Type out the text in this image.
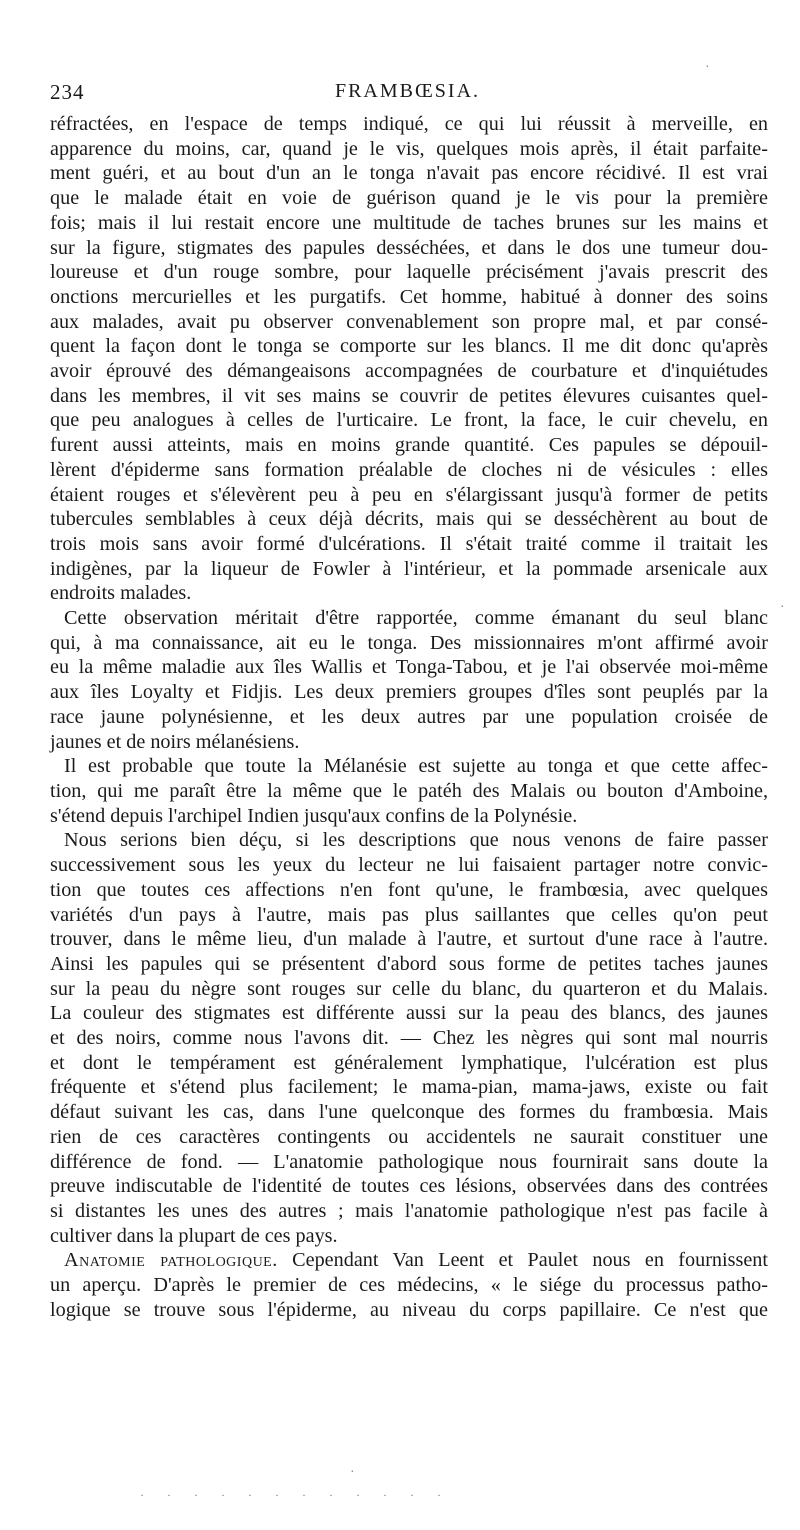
234	FRAMBŒSIA.

réfractées, en l'espace de temps indiqué, ce qui lui réussit à merveille, en
apparence du moins, car, quand je le vis, quelques mois après, il était parfaite-
ment guéri, et au bout d'un an le tonga n'avait pas encore récidivé. Il est vrai
que le malade était en voie de guérison quand je le vis pour la première
fois; mais il lui restait encore une multitude de taches brunes sur les mains et
sur la figure, stigmates des papules desséchées, et dans le dos une tumeur dou-
loureuse et d'un rouge sombre, pour laquelle précisément j'avais prescrit des
onctions mercurielles et les purgatifs. Cet homme, habitué à donner des soins
aux malades, avait pu observer convenablement son propre mal, et par consé-
quent la façon dont le tonga se comporte sur les blancs. Il me dit donc qu'après
avoir éprouvé des démangeaisons accompagnées de courbature et d'inquiétudes
dans les membres, il vit ses mains se couvrir de petites élevures cuisantes quel-
que peu analogues à celles de l'urticaire. Le front, la face, le cuir chevelu, en
furent aussi atteints, mais en moins grande quantité. Ces papules se dépouil-
lèrent d'épiderme sans formation préalable de cloches ni de vésicules : elles
étaient rouges et s'élevèrent peu à peu en s'élargissant jusqu'à former de petits
tubercules semblables à ceux déjà décrits, mais qui se desséchèrent au bout de
trois mois sans avoir formé d'ulcérations. Il s'était traité comme il traitait les
indigènes, par la liqueur de Fowler à l'intérieur, et la pommade arsenicale aux
endroits malades.

Cette observation méritait d'être rapportée, comme émanant du seul blanc
qui, à ma connaissance, ait eu le tonga. Des missionnaires m'ont affirmé avoir
eu la même maladie aux îles Wallis et Tonga-Tabou, et je l'ai observée moi-même
aux îles Loyalty et Fidjis. Les deux premiers groupes d'îles sont peuplés par la
race jaune polynésienne, et les deux autres par une population croisée de
jaunes et de noirs mélanésiens.

Il est probable que toute la Mélanésie est sujette au tonga et que cette affec-
tion, qui me paraît être la même que le patéh des Malais ou bouton d'Amboine,
s'étend depuis l'archipel Indien jusqu'aux confins de la Polynésie.

Nous serions bien déçu, si les descriptions que nous venons de faire passer
successivement sous les yeux du lecteur ne lui faisaient partager notre convic-
tion que toutes ces affections n'en font qu'une, le frambœsia, avec quelques
variétés d'un pays à l'autre, mais pas plus saillantes que celles qu'on peut
trouver, dans le même lieu, d'un malade à l'autre, et surtout d'une race à l'autre.
Ainsi les papules qui se présentent d'abord sous forme de petites taches jaunes
sur la peau du nègre sont rouges sur celle du blanc, du quarteron et du Malais.
La couleur des stigmates est différente aussi sur la peau des blancs, des jaunes
et des noirs, comme nous l'avons dit. — Chez les nègres qui sont mal nourris
et dont le tempérament est généralement lymphatique, l'ulcération est plus
fréquente et s'étend plus facilement; le mama-pian, mama-jaws, existe ou fait
défaut suivant les cas, dans l'une quelconque des formes du frambœsia. Mais
rien de ces caractères contingents ou accidentels ne saurait constituer une
différence de fond. — L'anatomie pathologique nous fournirait sans doute la
preuve indiscutable de l'identité de toutes ces lésions, observées dans des contrées
si distantes les unes des autres ; mais l'anatomie pathologique n'est pas facile à
cultiver dans la plupart de ces pays.

Anatomie pathologique. Cependant Van Leent et Paulet nous en fournissent
un aperçu. D'après le premier de ces médecins, « le siége du processus patho-
logique se trouve sous l'épiderme, au niveau du corps papillaire. Ce n'est que

·
·
·
· · · · · · · · · · · ·
